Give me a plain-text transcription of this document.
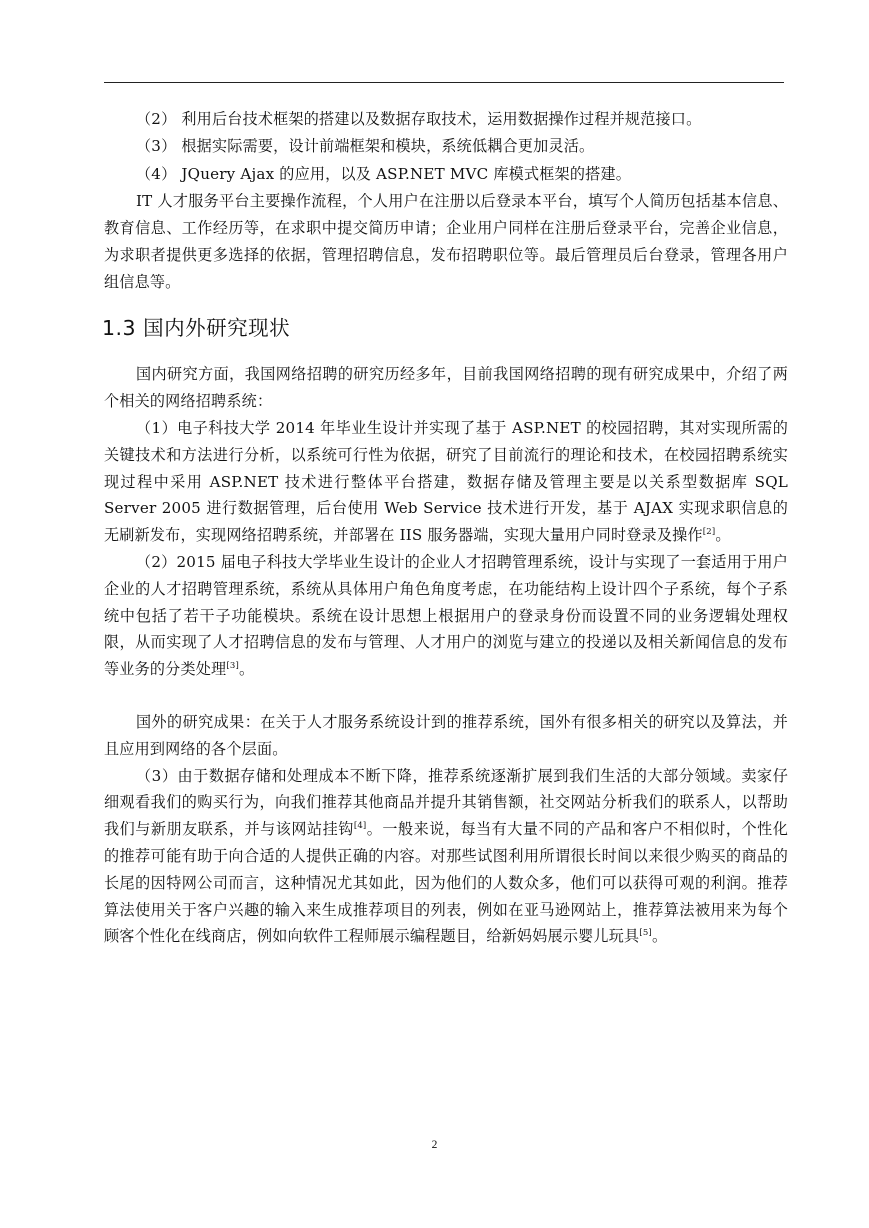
（2） 利用后台技术框架的搭建以及数据存取技术，运用数据操作过程并规范接口。

（3） 根据实际需要，设计前端框架和模块，系统低耦合更加灵活。

（4） JQuery Ajax 的应用，以及 ASP.NET MVC 库模式框架的搭建。

IT 人才服务平台主要操作流程，个人用户在注册以后登录本平台，填写个人简历包括基本信息、教育信息、工作经历等，在求职中提交简历申请；企业用户同样在注册后登录平台，完善企业信息，为求职者提供更多选择的依据，管理招聘信息，发布招聘职位等。最后管理员后台登录，管理各用户组信息等。

1.3 国内外研究现状

国内研究方面，我国网络招聘的研究历经多年，目前我国网络招聘的现有研究成果中，介绍了两个相关的网络招聘系统：

（1）电子科技大学 2014 年毕业生设计并实现了基于 ASP.NET 的校园招聘，其对实现所需的关键技术和方法进行分析，以系统可行性为依据，研究了目前流行的理论和技术，在校园招聘系统实现过程中采用 ASP.NET 技术进行整体平台搭建，数据存储及管理主要是以关系型数据库 SQL Server 2005 进行数据管理，后台使用 Web Service 技术进行开发，基于 AJAX 实现求职信息的无刷新发布，实现网络招聘系统，并部署在 IIS 服务器端，实现大量用户同时登录及操作[2]。

（2）2015 届电子科技大学毕业生设计的企业人才招聘管理系统，设计与实现了一套适用于用户企业的人才招聘管理系统，系统从具体用户角色角度考虑，在功能结构上设计四个子系统，每个子系统中包括了若干子功能模块。系统在设计思想上根据用户的登录身份而设置不同的业务逻辑处理权限，从而实现了人才招聘信息的发布与管理、人才用户的浏览与建立的投递以及相关新闻信息的发布等业务的分类处理[3]。

国外的研究成果：在关于人才服务系统设计到的推荐系统，国外有很多相关的研究以及算法，并且应用到网络的各个层面。

（3）由于数据存储和处理成本不断下降，推荐系统逐渐扩展到我们生活的大部分领域。卖家仔细观看我们的购买行为，向我们推荐其他商品并提升其销售额，社交网站分析我们的联系人，以帮助我们与新朋友联系，并与该网站挂钩[4]。一般来说，每当有大量不同的产品和客户不相似时，个性化的推荐可能有助于向合适的人提供正确的内容。对那些试图利用所谓很长时间以来很少购买的商品的长尾的因特网公司而言，这种情况尤其如此，因为他们的人数众多，他们可以获得可观的利润。推荐算法使用关于客户兴趣的输入来生成推荐项目的列表，例如在亚马逊网站上，推荐算法被用来为每个顾客个性化在线商店，例如向软件工程师展示编程题目，给新妈妈展示婴儿玩具[5]。

2
